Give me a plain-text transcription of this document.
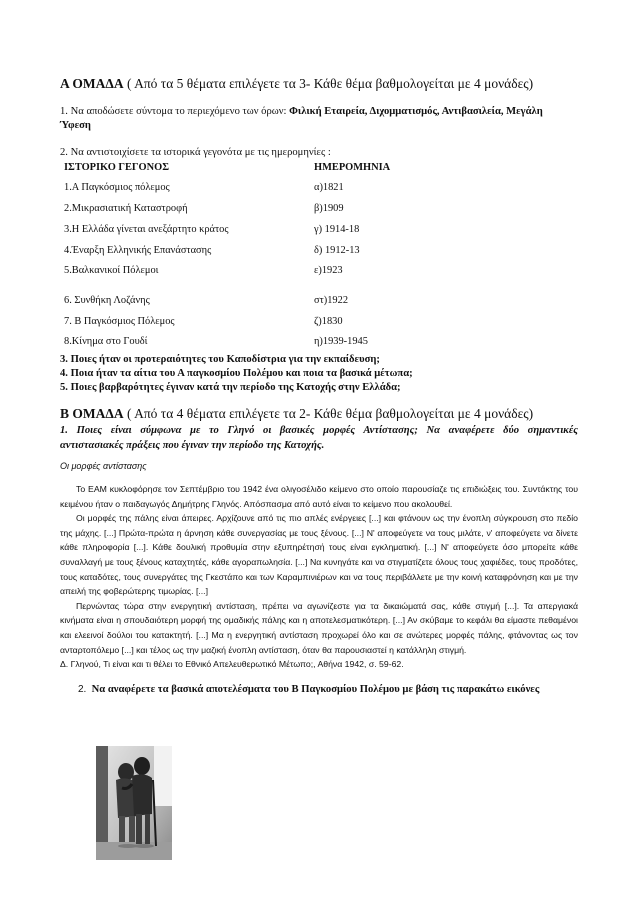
Α ΟΜΑΔΑ ( Από τα 5 θέματα επιλέγετε τα 3- Κάθε θέμα βαθμολογείται με 4 μονάδες)
1. Να αποδώσετε σύντομα το περιεχόμενο των όρων: Φιλική Εταιρεία, Διχομματισμός, Αντιβασιλεία, Μεγάλη
Ύφεση
2. Να αντιστοιχίσετε τα ιστορικά γεγονότα με τις ημερομηνίες :
ΙΣΤΟΡΙΚΟ ΓΕΓΟΝΟΣ	ΗΜΕΡΟΜΗΝΙΑ
1.Α Παγκόσμιος πόλεμος	α)1821
2.Μικρασιατική Καταστροφή	β)1909
3.Η Ελλάδα γίνεται ανεξάρτητο κράτος	γ) 1914-18
4.Έναρξη Ελληνικής Επανάστασης	δ) 1912-13
5.Βαλκανικοί Πόλεμοι	ε)1923
6. Συνθήκη Λοζάνης	στ)1922
7. Β Παγκόσμιος Πόλεμος	ζ)1830
8.Κίνημα στο Γουδί	η)1939-1945
3. Ποιες ήταν οι προτεραιότητες του Καποδίστρια για την εκπαίδευση;
4. Ποια ήταν τα αίτια του Α παγκοσμίου Πολέμου και ποια τα βασικά μέτωπα;
5. Ποιες βαρβαρότητες έγιναν κατά την περίοδο της Κατοχής στην Ελλάδα;
Β ΟΜΑΔΑ ( Από τα 4 θέματα επιλέγετε τα 2- Κάθε θέμα βαθμολογείται με 4 μονάδες)
1. Ποιες είναι σύμφωνα με το Γληνό οι βασικές μορφές Αντίστασης; Να αναφέρετε δύο σημαντικές
αντιστασιακές πράξεις που έγιναν την περίοδο της Κατοχής.
Οι μορφές αντίστασης

Το ΕΑΜ κυκλοφόρησε τον Σεπτέμβριο του 1942 ένα ολιγοσέλιδο κείμενο στο οποίο παρουσίαζε τις επιδιώξεις του. Συντάκτης του κειμένου ήταν ο παιδαγωγός Δημήτρης Γληνός. Απόσπασμα από αυτό είναι το κείμενο που ακολουθεί.

Οι μορφές της πάλης είναι άπειρες. Αρχίζουνε από τις πιο απλές ενέργειες [...] και φτάνουν ως την ένοπλη σύγκρουση στο πεδίο της μάχης. [...] Πρώτα-πρώτα η άρνηση κάθε συνεργασίας με τους ξένους. [...] Ν' αποφεύγετε να τους μιλάτε, ν' αποφεύγετε να δίνετε κάθε πληροφορία [...]. Κάθε δουλική προθυμία στην εξυπηρέτησή τους είναι εγκληματική. [...] Ν' αποφεύγετε όσο μπορείτε κάθε συναλλαγή με τους ξένους καταχτητές, κάθε αγοραπωλησία. [...] Να κυνηγάτε και να στιγματίζετε όλους τους χαφιέδες, τους προδότες, τους καταδότες, τους συνεργάτες της Γκεστάπο και των Καραμπινιέρων και να τους περιβάλλετε με την κοινή καταφρόνηση και με την απειλή της φοβερώτερης τιμωρίας. [...]

Περνώντας τώρα στην ενεργητική αντίσταση, πρέπει να αγωνίζεστε για τα δικαιώματά σας, κάθε στιγμή [...]. Τα απεργιακά κινήματα είναι η σπουδαιότερη μορφή της ομαδικής πάλης και η αποτελεσματικότερη. [...] Αν σκύβαμε το κεφάλι θα είμαστε πεθαμένοι και ελεεινοί δούλοι του κατακτητή. [...] Μα η ενεργητική αντίσταση προχωρεί όλο και σε ανώτερες μορφές πάλης, φτάνοντας ως τον ανταρτοπόλεμο [...] και τέλος ως την μαζική ένοπλη αντίσταση, όταν θα παρουσιαστεί η κατάλληλη στιγμή.

Δ. Γληνού, Τι είναι και τι θέλει το Εθνικό Απελευθερωτικό Μέτωπο;, Αθήνα 1942, σ. 59-62.

2. Να αναφέρετε τα βασικά αποτελέσματα του Β Παγκοσμίου Πολέμου με βάση τις παρακάτω εικόνες
